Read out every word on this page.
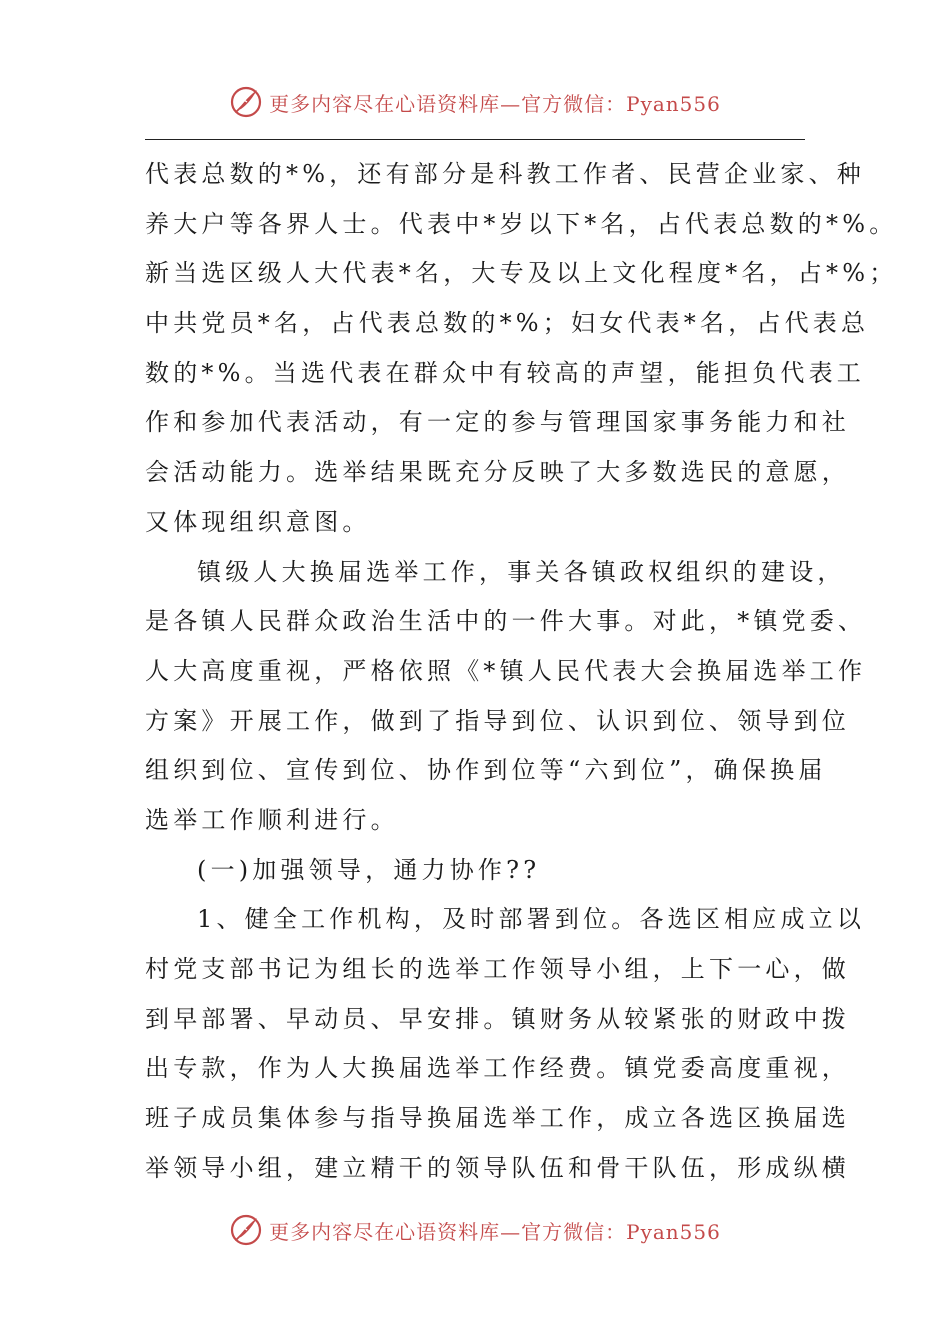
更多内容尽在心语资料库—官方微信：Pyan556
代表总数的*%，还有部分是科教工作者、民营企业家、种
养大户等各界人士。代表中*岁以下*名，占代表总数的*%。
新当选区级人大代表*名，大专及以上文化程度*名，占*%；
中共党员*名，占代表总数的*%；妇女代表*名，占代表总
数的*%。当选代表在群众中有较高的声望，能担负代表工
作和参加代表活动，有一定的参与管理国家事务能力和社
会活动能力。选举结果既充分反映了大多数选民的意愿，
又体现组织意图。
镇级人大换届选举工作，事关各镇政权组织的建设，
是各镇人民群众政治生活中的一件大事。对此，*镇党委、
人大高度重视，严格依照《*镇人民代表大会换届选举工作
方案》开展工作，做到了指导到位、认识到位、领导到位
组织到位、宣传到位、协作到位等“六到位”，确保换届
选举工作顺利进行。
(一)加强领导，通力协作??
1、健全工作机构，及时部署到位。各选区相应成立以
村党支部书记为组长的选举工作领导小组，上下一心，做
到早部署、早动员、早安排。镇财务从较紧张的财政中拨
出专款，作为人大换届选举工作经费。镇党委高度重视，
班子成员集体参与指导换届选举工作，成立各选区换届选
举领导小组，建立精干的领导队伍和骨干队伍，形成纵横
更多内容尽在心语资料库—官方微信：Pyan556
